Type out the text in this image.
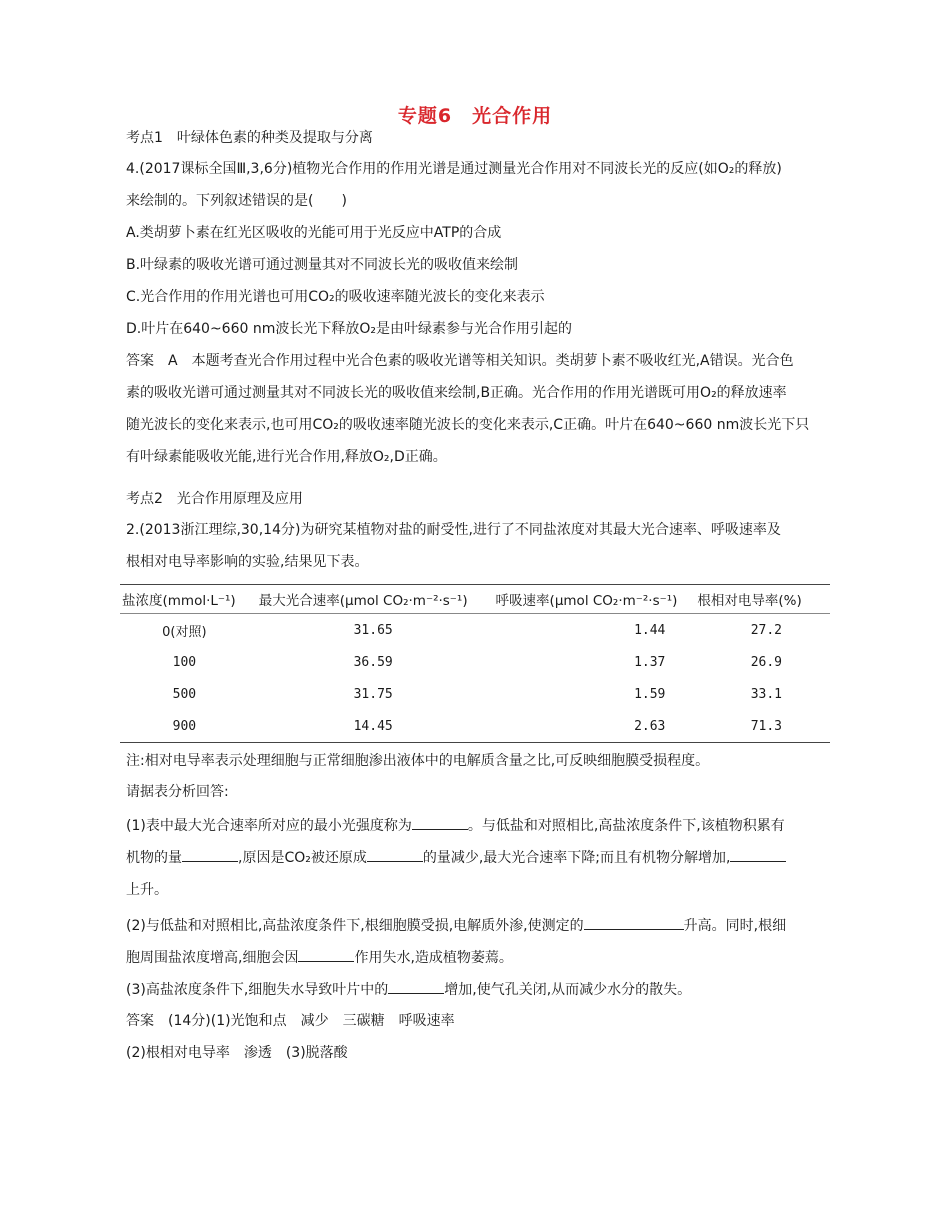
专题6　光合作用
考点1　叶绿体色素的种类及提取与分离
4.(2017课标全国Ⅲ,3,6分)植物光合作用的作用光谱是通过测量光合作用对不同波长光的反应(如O₂的释放)
来绘制的。下列叙述错误的是(　　)
A.类胡萝卜素在红光区吸收的光能可用于光反应中ATP的合成
B.叶绿素的吸收光谱可通过测量其对不同波长光的吸收值来绘制
C.光合作用的作用光谱也可用CO₂的吸收速率随光波长的变化来表示
D.叶片在640~660 nm波长光下释放O₂是由叶绿素参与光合作用引起的
答案　A　本题考查光合作用过程中光合色素的吸收光谱等相关知识。类胡萝卜素不吸收红光,A错误。光合色
素的吸收光谱可通过测量其对不同波长光的吸收值来绘制,B正确。光合作用的作用光谱既可用O₂的释放速率
随光波长的变化来表示,也可用CO₂的吸收速率随光波长的变化来表示,C正确。叶片在640~660 nm波长光下只
有叶绿素能吸收光能,进行光合作用,释放O₂,D正确。
考点2　光合作用原理及应用
2.(2013浙江理综,30,14分)为研究某植物对盐的耐受性,进行了不同盐浓度对其最大光合速率、呼吸速率及
根相对电导率影响的实验,结果见下表。
盐浓度(mmol·L⁻¹)	最大光合速率(μmol CO₂·m⁻²·s⁻¹)	呼吸速率(μmol CO₂·m⁻²·s⁻¹)	根相对电导率(%)
0(对照)	31.65	1.44	27.2
100	36.59	1.37	26.9
500	31.75	1.59	33.1
900	14.45	2.63	71.3
注:相对电导率表示处理细胞与正常细胞渗出液体中的电解质含量之比,可反映细胞膜受损程度。
请据表分析回答:
(1)表中最大光合速率所对应的最小光强度称为	。与低盐和对照相比,高盐浓度条件下,该植物积累有
机物的量	,原因是CO₂被还原成	的量减少,最大光合速率下降;而且有机物分解增加,
上升。
(2)与低盐和对照相比,高盐浓度条件下,根细胞膜受损,电解质外渗,使测定的	升高。同时,根细
胞周围盐浓度增高,细胞会因	作用失水,造成植物萎蔫。
(3)高盐浓度条件下,细胞失水导致叶片中的	增加,使气孔关闭,从而减少水分的散失。
答案　(14分)(1)光饱和点　减少　三碳糖　呼吸速率
(2)根相对电导率　渗透　(3)脱落酸
